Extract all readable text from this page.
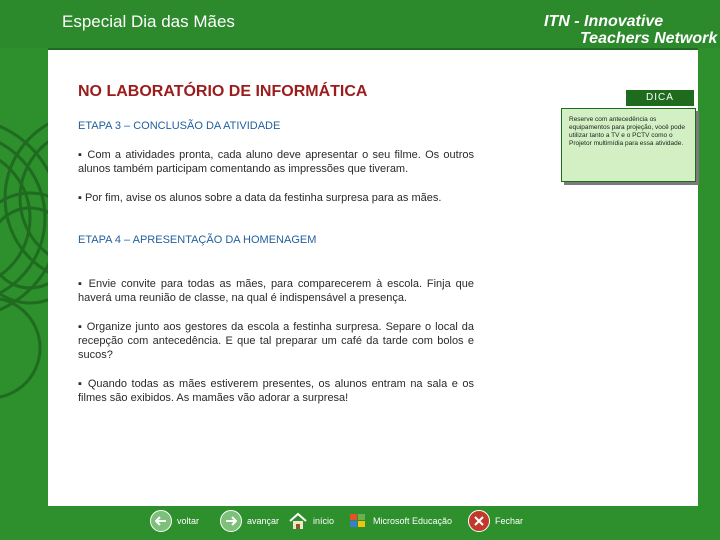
Especial Dia das Mães	ITN - Innovative
Teachers Network
NO LABORATÓRIO DE INFORMÁTICA
ETAPA 3 – CONCLUSÃO DA ATIVIDADE
▪ Com a atividades pronta, cada aluno deve apresentar o seu filme. Os outros alunos também participam comentando as impressões que tiveram.
▪ Por fim, avise os alunos sobre a data da festinha surpresa para as mães.
ETAPA 4 – APRESENTAÇÃO DA HOMENAGEM
▪ Envie convite para todas as mães, para comparecerem à escola. Finja que haverá uma reunião de classe, na qual é indispensável a presença.
▪ Organize junto aos gestores da escola a festinha surpresa. Separe o local da recepção com antecedência. E que tal preparar um café da tarde com bolos e sucos?
▪ Quando todas as mães estiverem presentes, os alunos entram na sala e os filmes são exibidos. As mamães vão adorar a surpresa!
DICA
Reserve com antecedência os equipamentos para projeção, você pode utilizar tanto a TV e o PCTV como o Projetor multimídia para essa atividade.
voltar	avançar	início	Microsoft Educação	Fechar
